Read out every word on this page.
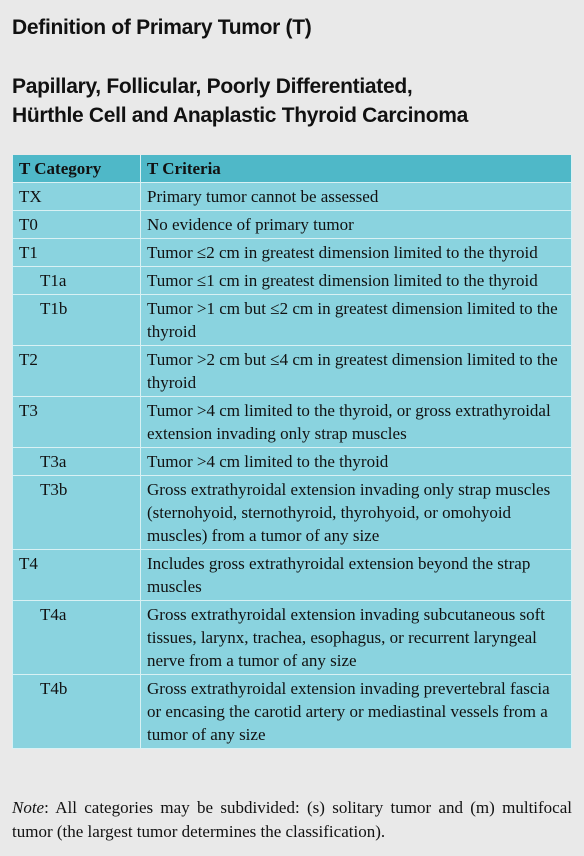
Definition of Primary Tumor (T)
Papillary, Follicular, Poorly Differentiated,
Hürthle Cell and Anaplastic Thyroid Carcinoma
T Category	T Criteria
TX	Primary tumor cannot be assessed
T0	No evidence of primary tumor
T1	Tumor ≤2 cm in greatest dimension limited to the thyroid
T1a	Tumor ≤1 cm in greatest dimension limited to the thyroid
T1b	Tumor >1 cm but ≤2 cm in greatest dimension limited to the thyroid
T2	Tumor >2 cm but ≤4 cm in greatest dimension limited to the thyroid
T3	Tumor >4 cm limited to the thyroid, or gross extrathyroidal extension invading only strap muscles
T3a	Tumor >4 cm limited to the thyroid
T3b	Gross extrathyroidal extension invading only strap muscles (sternohyoid, sternothyroid, thyrohyoid, or omohyoid muscles) from a tumor of any size
T4	Includes gross extrathyroidal extension beyond the strap muscles
T4a	Gross extrathyroidal extension invading subcutaneous soft tissues, larynx, trachea, esophagus, or recurrent laryngeal nerve from a tumor of any size
T4b	Gross extrathyroidal extension invading prevertebral fascia or encasing the carotid artery or mediastinal vessels from a tumor of any size
Note: All categories may be subdivided: (s) solitary tumor and (m) multifocal tumor (the largest tumor determines the classification).
